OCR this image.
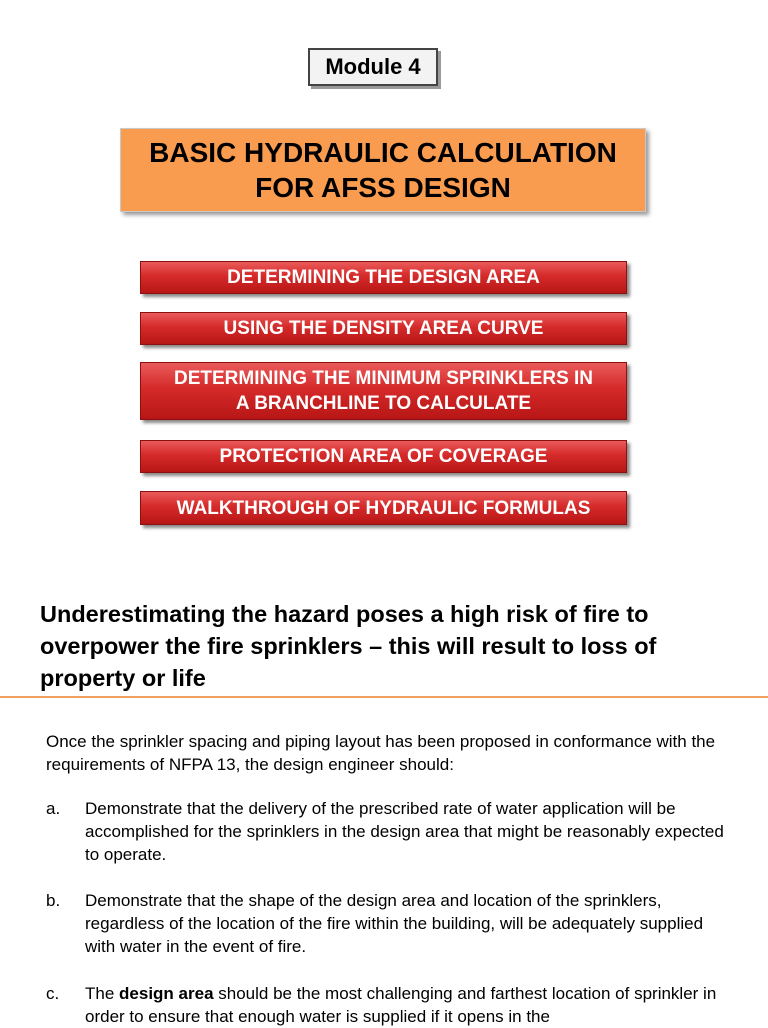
Module 4
BASIC HYDRAULIC CALCULATION
FOR AFSS DESIGN
DETERMINING THE DESIGN AREA
USING THE DENSITY AREA CURVE
DETERMINING THE MINIMUM SPRINKLERS IN
A BRANCHLINE TO CALCULATE
PROTECTION AREA OF COVERAGE
WALKTHROUGH OF HYDRAULIC FORMULAS

Underestimating the hazard poses a high risk of fire to overpower the fire sprinklers – this will result to loss of property or life

Once the sprinkler spacing and piping layout has been proposed in conformance with the requirements of NFPA 13, the design engineer should:

a. Demonstrate that the delivery of the prescribed rate of water application will be accomplished for the sprinklers in the design area that might be reasonably expected to operate.
b. Demonstrate that the shape of the design area and location of the sprinklers, regardless of the location of the fire within the building, will be adequately supplied with water in the event of fire.
c. The design area should be the most challenging and farthest location of sprinkler in order to ensure that enough water is supplied if it opens in the
